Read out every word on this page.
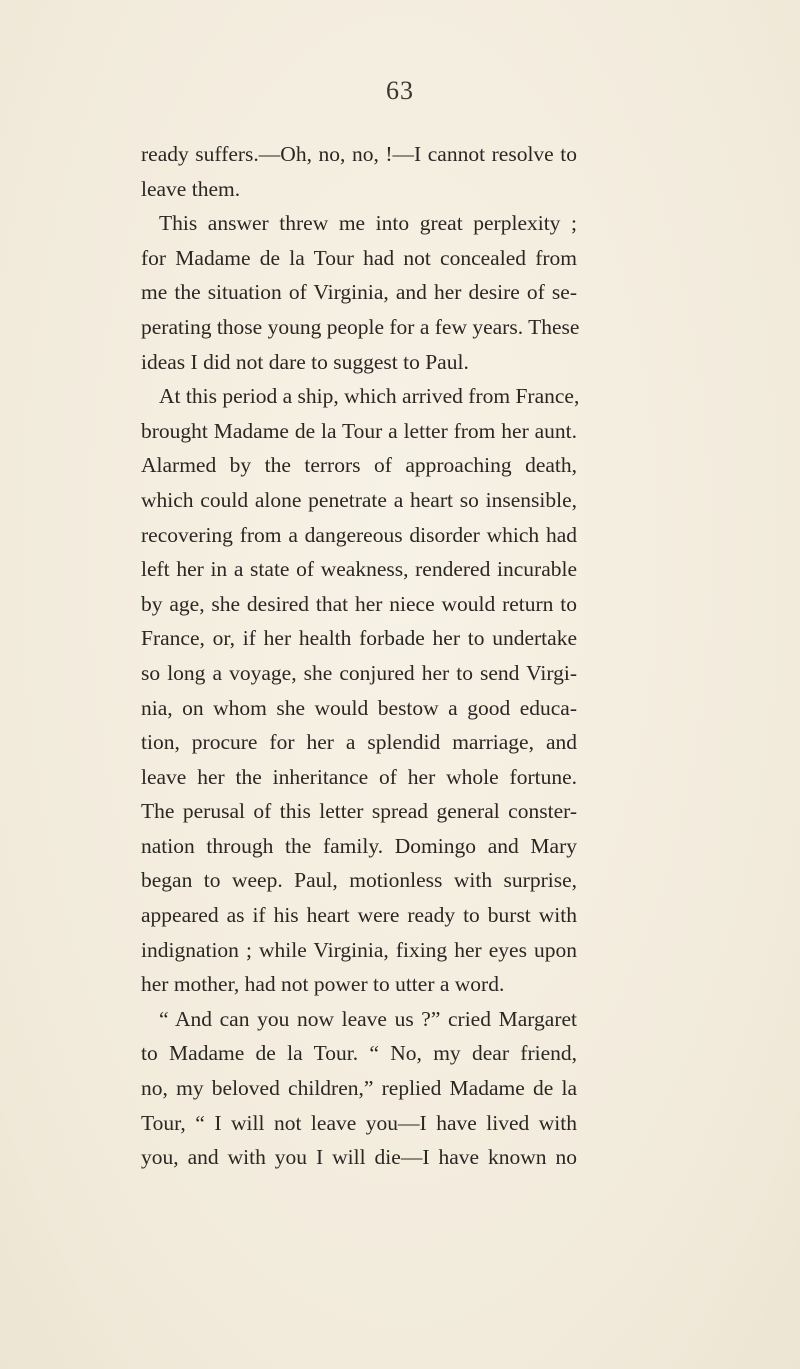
63
ready suffers.—Oh, no, no, !—I cannot resolve to
leave them.
This answer threw me into great perplexity ;
for Madame de la Tour had not concealed from
me the situation of Virginia, and her desire of se-
perating those young people for a few years. These
ideas I did not dare to suggest to Paul.
At this period a ship, which arrived from France,
brought Madame de la Tour a letter from her aunt.
Alarmed by the terrors of approaching death,
which could alone penetrate a heart so insensible,
recovering from a dangereous disorder which had
left her in a state of weakness, rendered incurable
by age, she desired that her niece would return to
France, or, if her health forbade her to undertake
so long a voyage, she conjured her to send Virgi-
nia, on whom she would bestow a good educa-
tion, procure for her a splendid marriage, and
leave her the inheritance of her whole fortune.
The perusal of this letter spread general conster-
nation through the family. Domingo and Mary
began to weep. Paul, motionless with surprise,
appeared as if his heart were ready to burst with
indignation ; while Virginia, fixing her eyes upon
her mother, had not power to utter a word.
“ And can you now leave us ?” cried Margaret
to Madame de la Tour. “ No, my dear friend,
no, my beloved children,” replied Madame de la
Tour, “ I will not leave you—I have lived with
you, and with you I will die—I have known no
